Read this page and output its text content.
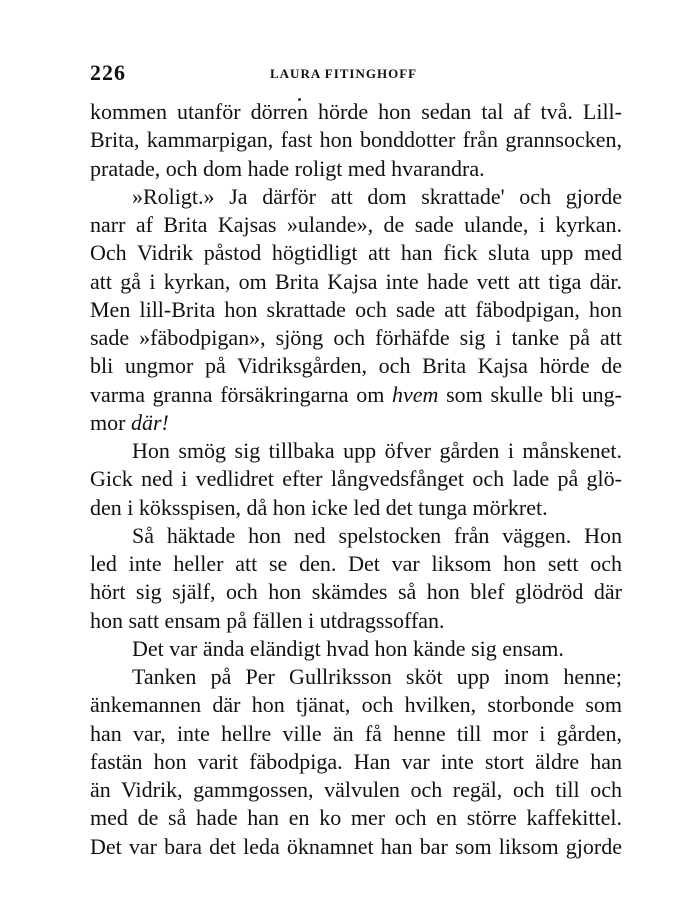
226	LAURA FITINGHOFF

kommen utanför dörren hörde hon sedan tal af två. Lill-
Brita, kammarpigan, fast hon bonddotter från grannsocken,
pratade, och dom hade roligt med hvarandra.

»Roligt.» Ja därför att dom skrattade' och gjorde
narr af Brita Kajsas »ulande», de sade ulande, i kyrkan.
Och Vidrik påstod högtidligt att han fick sluta upp med
att gå i kyrkan, om Brita Kajsa inte hade vett att tiga där.
Men lill-Brita hon skrattade och sade att fäbodpigan, hon
sade »fäbodpigan», sjöng och förhäfde sig i tanke på att
bli ungmor på Vidriksgården, och Brita Kajsa hörde de
varma granna försäkringarna om hvem som skulle bli ung-
mor där!

Hon smög sig tillbaka upp öfver gården i månskenet.
Gick ned i vedlidret efter långvedsfånget och lade på glö-
den i köksspisen, då hon icke led det tunga mörkret.

Så häktade hon ned spelstocken från väggen. Hon
led inte heller att se den. Det var liksom hon sett och
hört sig själf, och hon skämdes så hon blef glödröd där
hon satt ensam på fällen i utdragssoffan.

Det var ända eländigt hvad hon kände sig ensam.

Tanken på Per Gullriksson sköt upp inom henne;
änkemannen där hon tjänat, och hvilken, storbonde som
han var, inte hellre ville än få henne till mor i gården,
fastän hon varit fäbodpiga. Han var inte stort äldre han
än Vidrik, gammgossen, välvulen och regäl, och till och
med de så hade han en ko mer och en större kaffekittel.
Det var bara det leda öknamnet han bar som liksom gjorde
